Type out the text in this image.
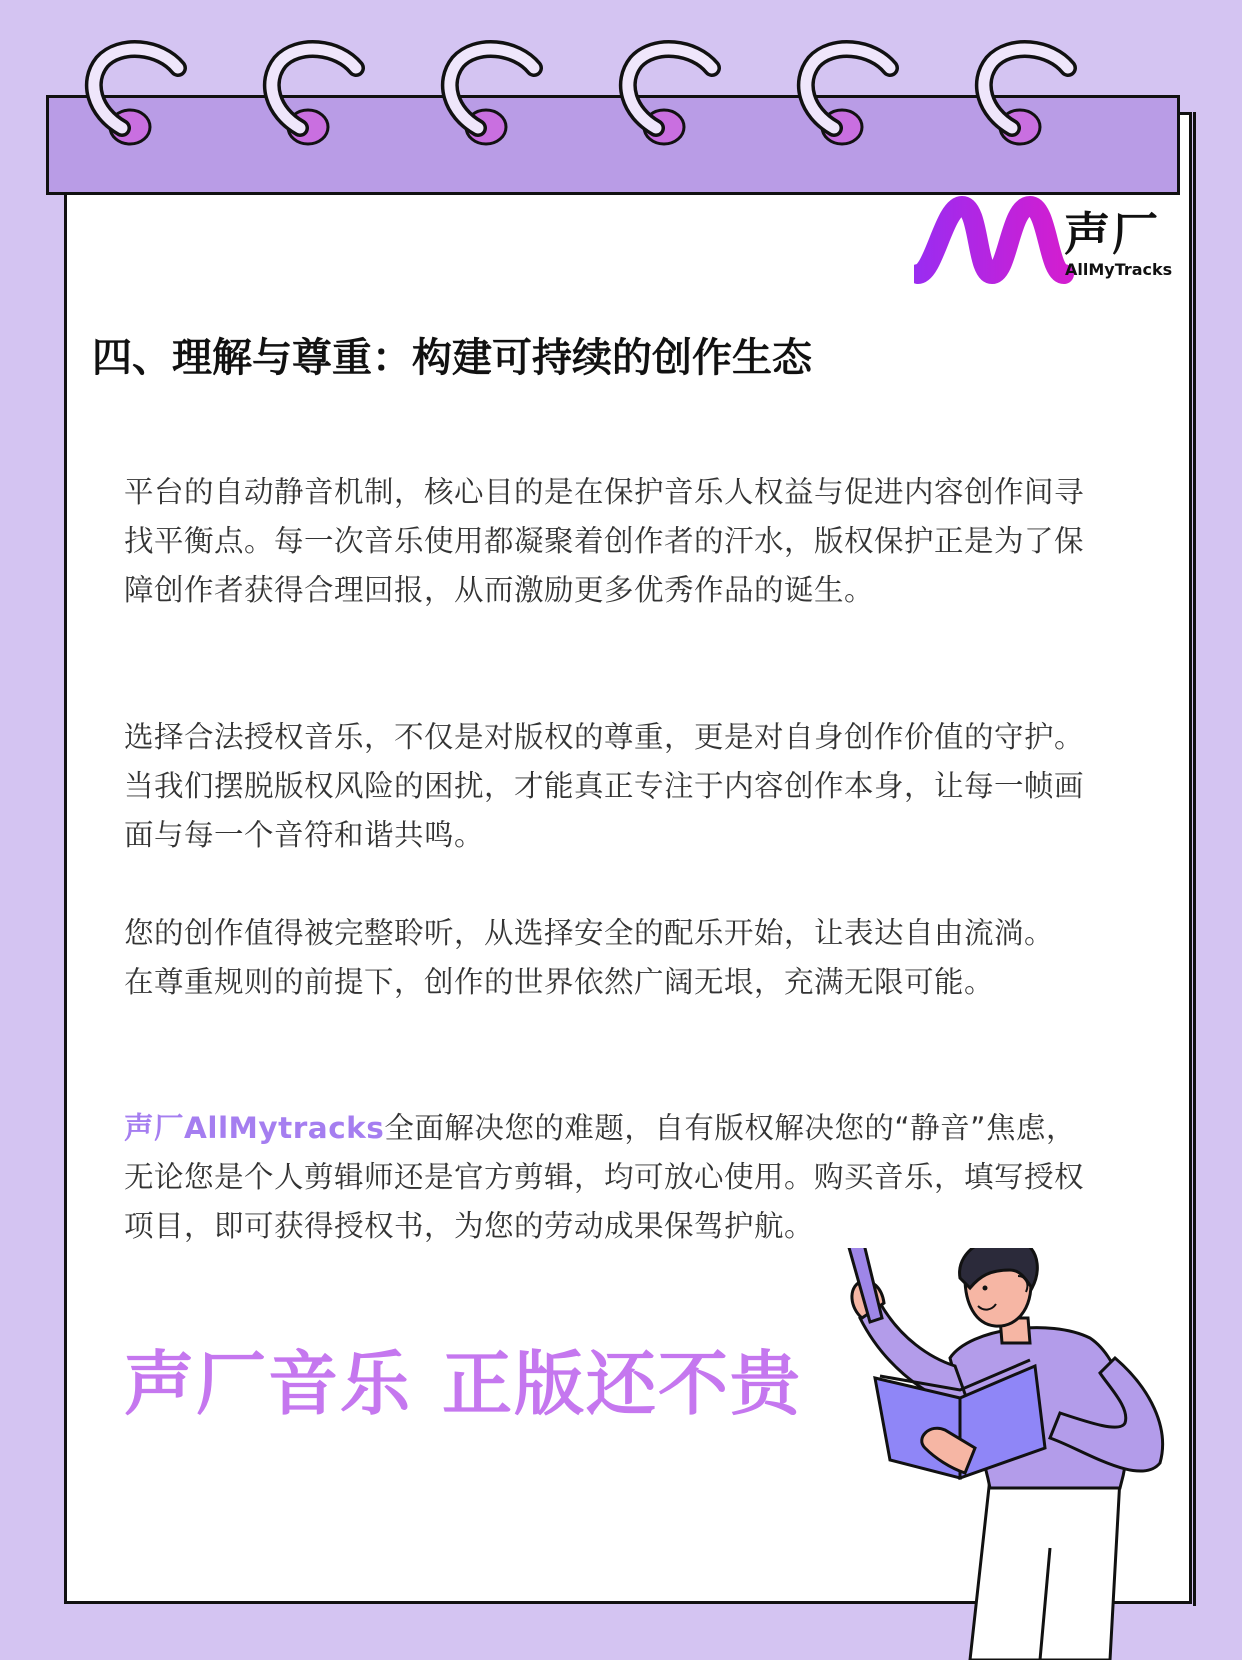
声厂
AllMyTracks
四、理解与尊重：构建可持续的创作生态

平台的自动静音机制，核心目的是在保护音乐人权益与促进内容创作间寻找平衡点。每一次音乐使用都凝聚着创作者的汗水，版权保护正是为了保障创作者获得合理回报，从而激励更多优秀作品的诞生。

选择合法授权音乐，不仅是对版权的尊重，更是对自身创作价值的守护。 当我们摆脱版权风险的困扰，才能真正专注于内容创作本身，让每一帧画面与每一个音符和谐共鸣。

您的创作值得被完整聆听，从选择安全的配乐开始，让表达自由流淌。 在尊重规则的前提下，创作的世界依然广阔无垠，充满无限可能。

声厂AllMytracks全面解决您的难题，自有版权解决您的“静音”焦虑，无论您是个人剪辑师还是官方剪辑，均可放心使用。购买音乐，填写授权项目，即可获得授权书，为您的劳动成果保驾护航。

声厂音乐 正版还不贵
